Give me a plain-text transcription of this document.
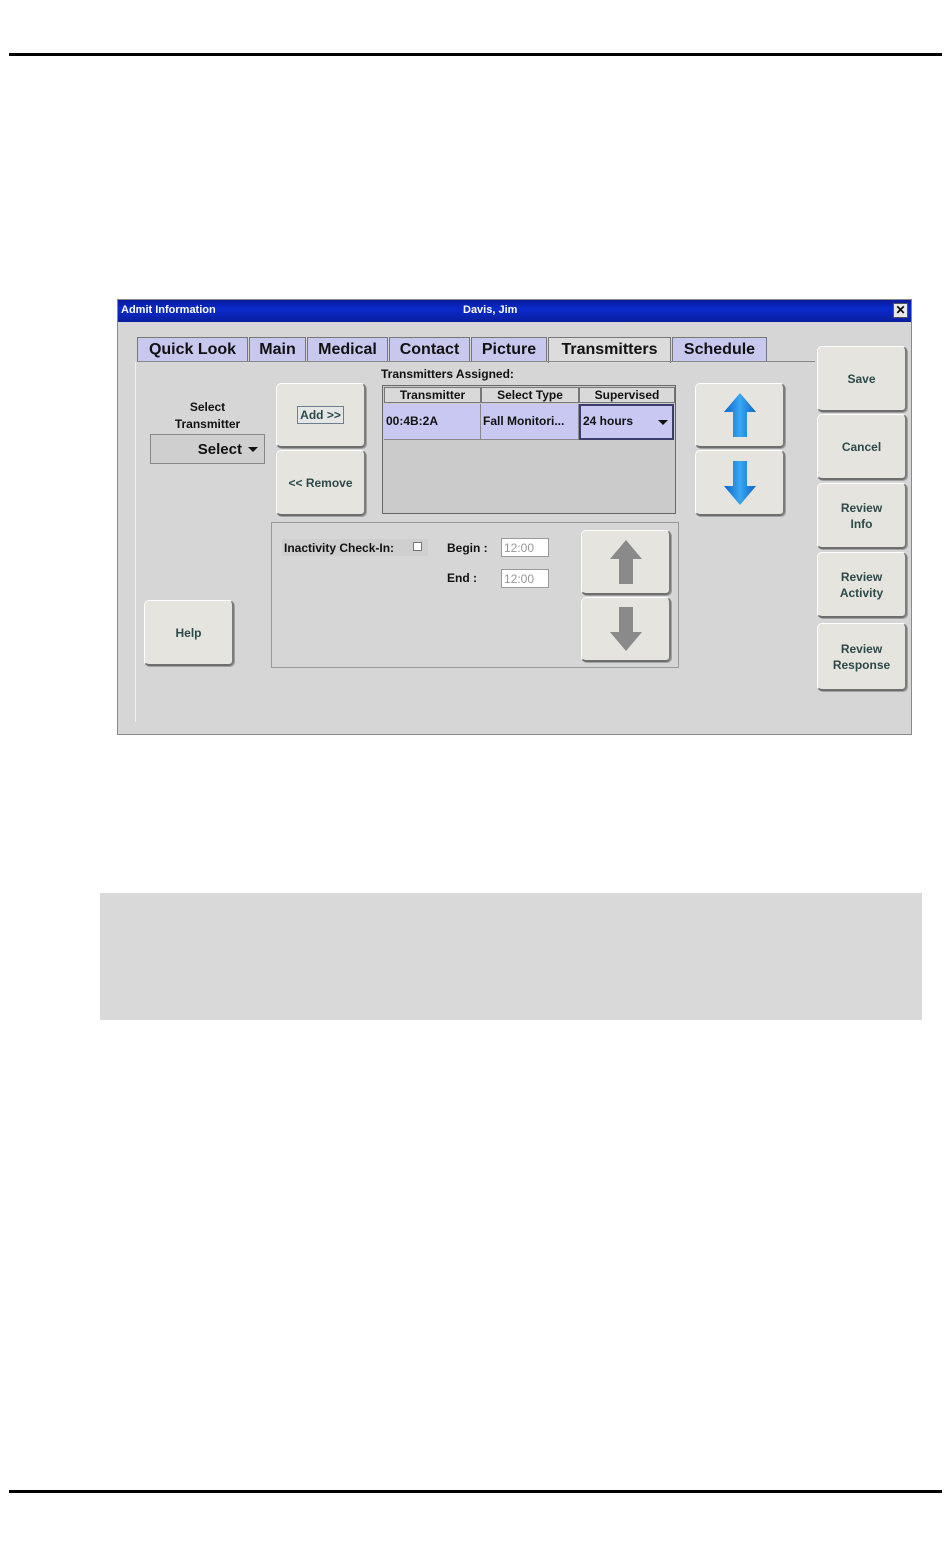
Admit Information	Davis, Jim	✕
Quick Look	Main	Medical	Contact	Picture	Transmitters	Schedule
Select
Transmitter
Select
Add >>
<< Remove
Transmitters Assigned:
Transmitter	Select Type	Supervised
00:4B:2A	Fall Monitori...	24 hours
Inactivity Check-In:	Begin : 12:00
End : 12:00
Help
Save
Cancel
Review
Info
Review
Activity
Review
Response
